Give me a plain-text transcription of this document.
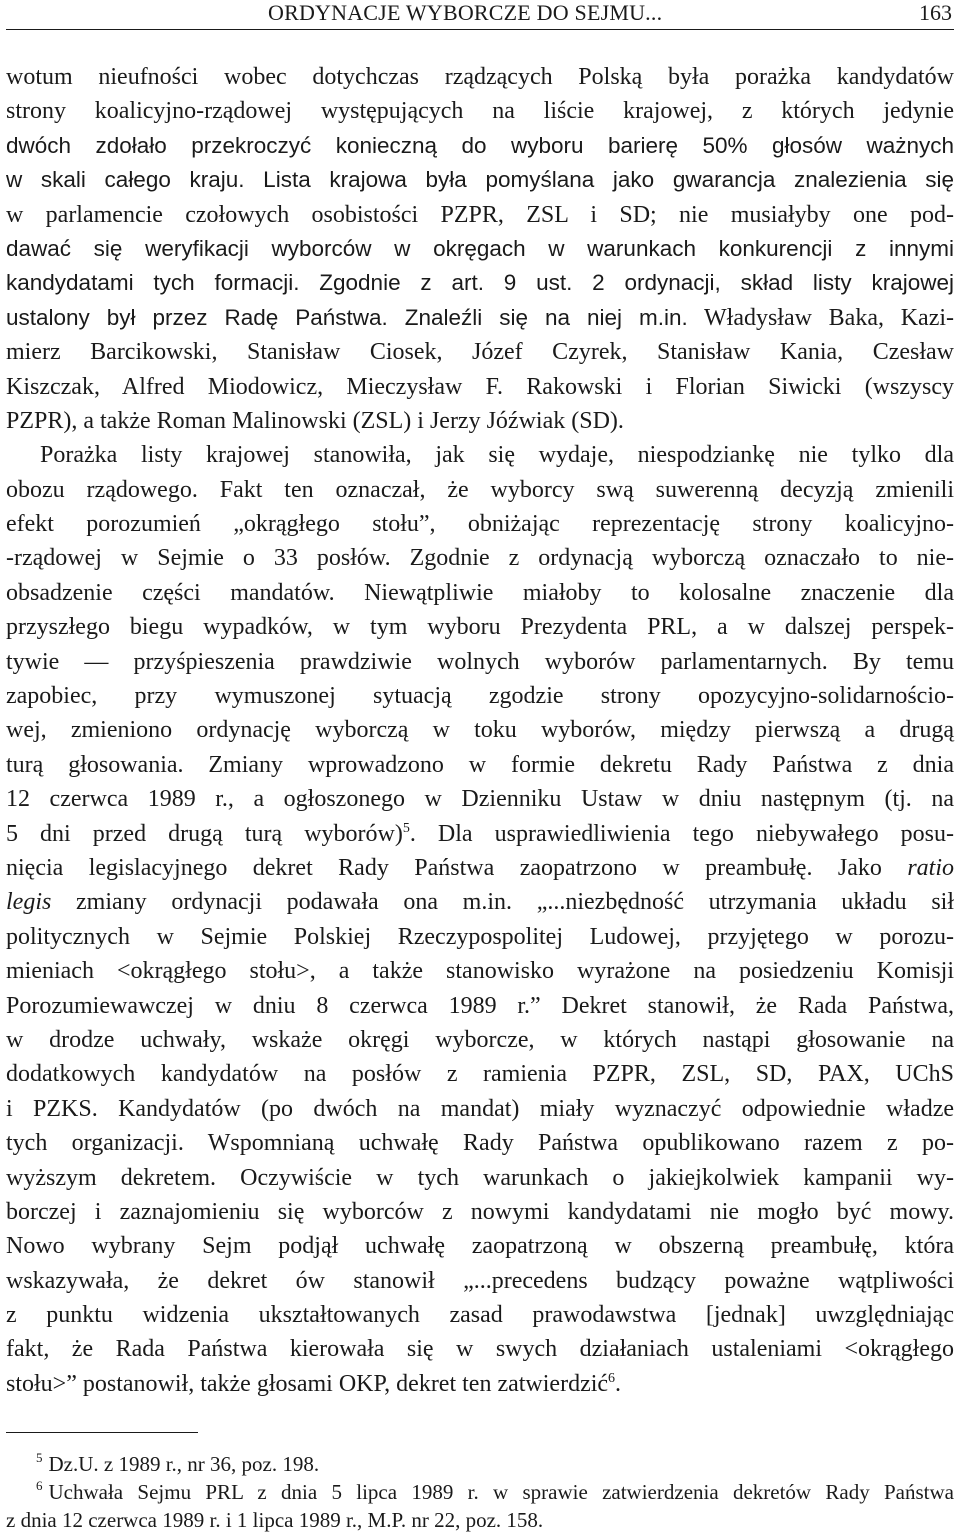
ORDYNACJE WYBORCZE DO SEJMU...	163
wotum nieufności wobec dotychczas rządzących Polską była porażka kandydatów
strony koalicyjno-rządowej występujących na liście krajowej, z których jedynie
dwóch zdołało przekroczyć konieczną do wyboru barierę 50% głosów ważnych
w skali całego kraju. Lista krajowa była pomyślana jako gwarancja znalezienia się
w parlamencie czołowych osobistości PZPR, ZSL i SD; nie musiałyby one pod-
dawać się weryfikacji wyborców w okręgach w warunkach konkurencji z innymi
kandydatami tych formacji. Zgodnie z art. 9 ust. 2 ordynacji, skład listy krajowej
ustalony był przez Radę Państwa. Znaleźli się na niej m.in. Władysław Baka, Kazi-
mierz Barcikowski, Stanisław Ciosek, Józef Czyrek, Stanisław Kania, Czesław
Kiszczak, Alfred Miodowicz, Mieczysław F. Rakowski i Florian Siwicki (wszyscy
PZPR), a także Roman Malinowski (ZSL) i Jerzy Jóźwiak (SD).
Porażka listy krajowej stanowiła, jak się wydaje, niespodziankę nie tylko dla
obozu rządowego. Fakt ten oznaczał, że wyborcy swą suwerenną decyzją zmienili
efekt porozumień „okrągłego stołu”, obniżając reprezentację strony koalicyjno-
-rządowej w Sejmie o 33 posłów. Zgodnie z ordynacją wyborczą oznaczało to nie-
obsadzenie części mandatów. Niewątpliwie miałoby to kolosalne znaczenie dla
przyszłego biegu wypadków, w tym wyboru Prezydenta PRL, a w dalszej perspek-
tywie — przyśpieszenia prawdziwie wolnych wyborów parlamentarnych. By temu
zapobiec, przy wymuszonej sytuacją zgodzie strony opozycyjno-solidarnościo-
wej, zmieniono ordynację wyborczą w toku wyborów, między pierwszą a drugą
turą głosowania. Zmiany wprowadzono w formie dekretu Rady Państwa z dnia
12 czerwca 1989 r., a ogłoszonego w Dzienniku Ustaw w dniu następnym (tj. na
5 dni przed drugą turą wyborów)$^5$. Dla usprawiedliwienia tego niebywałego posu-
nięcia legislacyjnego dekret Rady Państwa zaopatrzono w preambułę. Jako ratio
legis zmiany ordynacji podawała ona m.in. „...niezbędność utrzymania układu sił
politycznych w Sejmie Polskiej Rzeczypospolitej Ludowej, przyjętego w porozu-
mieniach <okrągłego stołu>, a także stanowisko wyrażone na posiedzeniu Komisji
Porozumiewawczej w dniu 8 czerwca 1989 r.” Dekret stanowił, że Rada Państwa,
w drodze uchwały, wskaże okręgi wyborcze, w których nastąpi głosowanie na
dodatkowych kandydatów na posłów z ramienia PZPR, ZSL, SD, PAX, UChS
i PZKS. Kandydatów (po dwóch na mandat) miały wyznaczyć odpowiednie władze
tych organizacji. Wspomnianą uchwałę Rady Państwa opublikowano razem z po-
wyższym dekretem. Oczywiście w tych warunkach o jakiejkolwiek kampanii wy-
borczej i zaznajomieniu się wyborców z nowymi kandydatami nie mogło być mowy.
Nowo wybrany Sejm podjął uchwałę zaopatrzoną w obszerną preambułę, która
wskazywała, że dekret ów stanowił „...precedens budzący poważne wątpliwości
z punktu widzenia ukształtowanych zasad prawodawstwa [jednak] uwzględniając
fakt, że Rada Państwa kierowała się w swych działaniach ustaleniami <okrągłego
stołu>” postanowił, także głosami OKP, dekret ten zatwierdzić$^6$.
$^5$ Dz.U. z 1989 r., nr 36, poz. 198.
$^6$ Uchwała Sejmu PRL z dnia 5 lipca 1989 r. w sprawie zatwierdzenia dekretów Rady Państwa
z dnia 12 czerwca 1989 r. i 1 lipca 1989 r., M.P. nr 22, poz. 158.
